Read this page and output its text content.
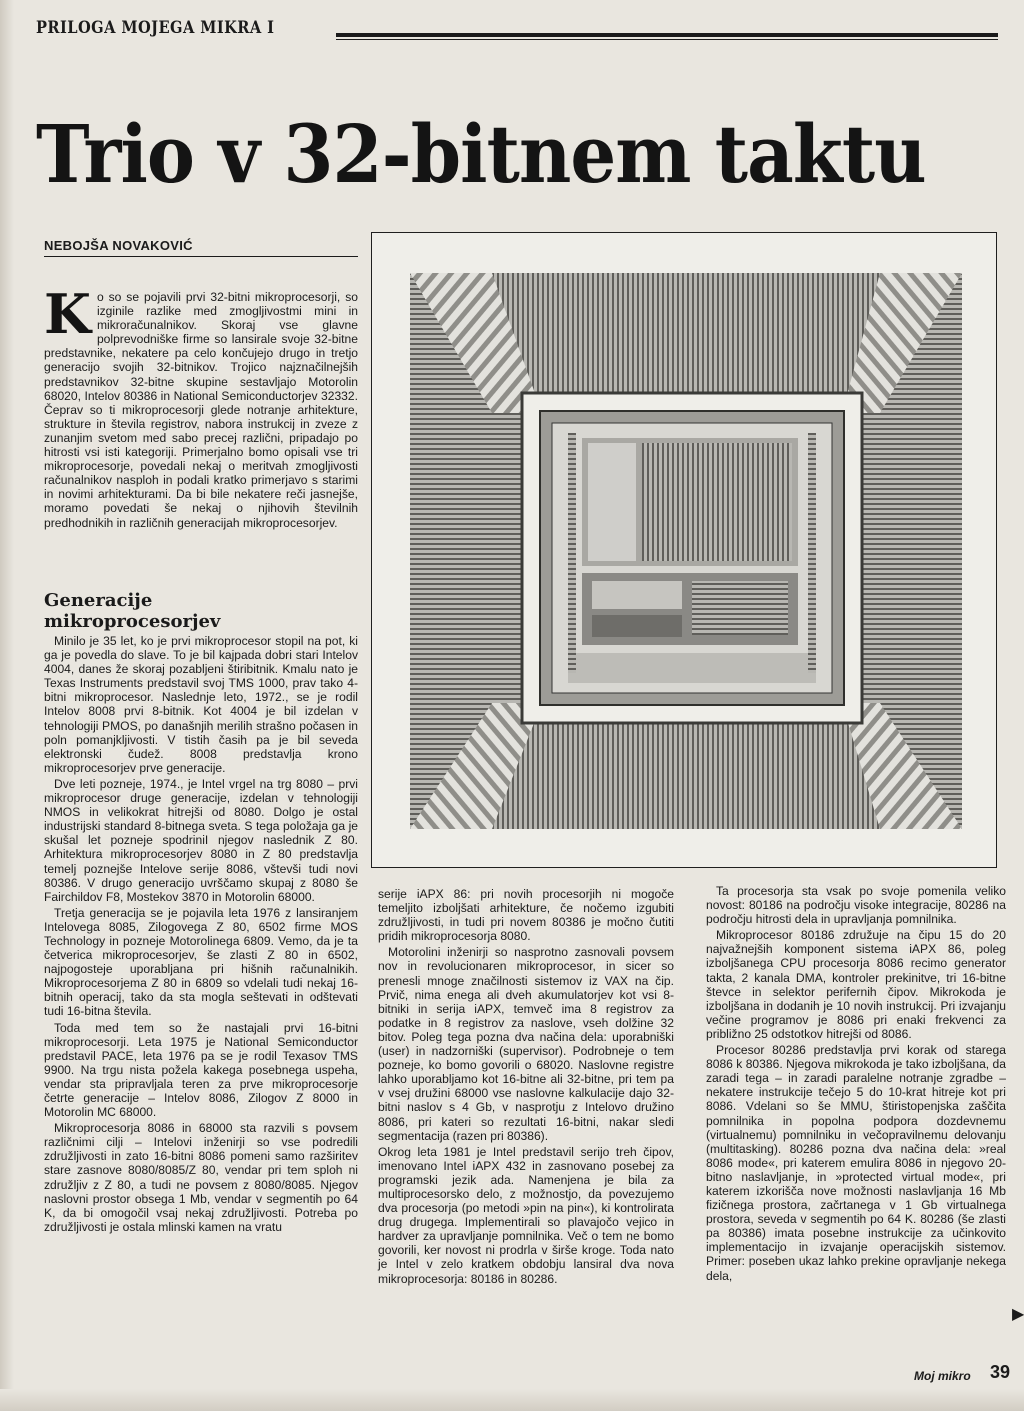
PRILOGA MOJEGA MIKRA I
Trio v 32-bitnem taktu
NEBOJŠA NOVAKOVIĆ
Ko so se pojavili prvi 32-bitni mikroprocesorji, so izginile razlike med zmogljivostmi mini in mikroračunalnikov. Skoraj vse glavne polprevodniške firme so lansirale svoje 32-bitne predstavnike, nekatere pa celo končujejo drugo in tretjo generacijo svojih 32-bitnikov. Trojico najznačilnejših predstavnikov 32-bitne skupine sestavljajo Motorolin 68020, Intelov 80386 in National Semiconductorjev 32332. Čeprav so ti mikroprocesorji glede notranje arhitekture, strukture in števila registrov, nabora instrukcij in zveze z zunanjim svetom med sabo precej različni, pripadajo po hitrosti vsi isti kategoriji. Primerjalno bomo opisali vse tri mikroprocesorje, povedali nekaj o meritvah zmogljivosti računalnikov nasploh in podali kratko primerjavo s starimi in novimi arhitekturami. Da bi bile nekatere reči jasnejše, moramo povedati še nekaj o njihovih številnih predhodnikih in različnih generacijah mikroprocesorjev.
Generacije
mikroprocesorjev

Minilo je 35 let, ko je prvi mikroprocesor stopil na pot, ki ga je povedla do slave. To je bil kajpada dobri stari Intelov 4004, danes že skoraj pozabljeni štiribitnik. Kmalu nato je Texas Instruments predstavil svoj TMS 1000, prav tako 4-bitni mikroprocesor. Naslednje leto, 1972., se je rodil Intelov 8008 prvi 8-bitnik. Kot 4004 je bil izdelan v tehnologiji PMOS, po današnjih merilih strašno počasen in poln pomanjkljivosti. V tistih časih pa je bil seveda elektronski čudež. 8008 predstavlja krono mikroprocesorjev prve generacije.

Dve leti pozneje, 1974., je Intel vrgel na trg 8080 – prvi mikroprocesor druge generacije, izdelan v tehnologiji NMOS in velikokrat hitrejši od 8080. Dolgo je ostal industrijski standard 8-bitnega sveta. S tega položaja ga je skušal let pozneje spodriniI njegov naslednik Z 80. Arhitektura mikroprocesorjev 8080 in Z 80 predstavlja temelj poznejše Intelove serije 8086, vštevši tudi novi 80386. V drugo generacijo uvrščamo skupaj z 8080 še Fairchildov F8, Mostekov 3870 in Motorolin 68000.

Tretja generacija se je pojavila leta 1976 z lansiranjem Intelovega 8085, Zilogovega Z 80, 6502 firme MOS Technology in pozneje Motorolinega 6809. Vemo, da je ta četverica mikroprocesorjev, še zlasti Z 80 in 6502, najpogosteje uporabljana pri hišnih računalnikih. Mikroprocesorjema Z 80 in 6809 so vdelali tudi nekaj 16-bitnih operacij, tako da sta mogla seštevati in odštevati tudi 16-bitna števila.

Toda med tem so že nastajali prvi 16-bitni mikroprocesorji. Leta 1975 je National Semiconductor predstavil PACE, leta 1976 pa se je rodil Texasov TMS 9900. Na trgu nista požela kakega posebnega uspeha, vendar sta pripravljala teren za prve mikroprocesorje četrte generacije – Intelov 8086, Zilogov Z 8000 in Motorolin MC 68000.

Mikroprocesorja 8086 in 68000 sta razvili s povsem različnimi cilji – Intelovi inženirji so vse podredili združljivosti in zato 16-bitni 8086 pomeni samo razširitev stare zasnove 8080/8085/Z 80, vendar pri tem sploh ni združljiv z Z 80, a tudi ne povsem z 8080/8085. Njegov naslovni prostor obsega 1 Mb, vendar v segmentih po 64 K, da bi omogočil vsaj nekaj združljivosti. Potreba po združljivosti je ostala mlinski kamen na vratu

serije iAPX 86: pri novih procesorjih ni mogoče temeljito izboljšati arhitekture, če nočemo izgubiti združljivosti, in tudi pri novem 80386 je močno čutiti pridih mikroprocesorja 8080.

Motorolini inženirji so nasprotno zasnovali povsem nov in revolucionaren mikroprocesor, in sicer so prenesli mnoge značilnosti sistemov iz VAX na čip. Prvič, nima enega ali dveh akumulatorjev kot vsi 8-bitniki in serija iAPX, temveč ima 8 registrov za podatke in 8 registrov za naslove, vseh dolžine 32 bitov. Poleg tega pozna dva načina dela: uporabniški (user) in nadzorniški (supervisor). Podrobneje o tem pozneje, ko bomo govorili o 68020. Naslovne registre lahko uporabljamo kot 16-bitne ali 32-bitne, pri tem pa v vsej družini 68000 vse naslovne kalkulacije dajo 32-bitni naslov s 4 Gb, v nasprotju z Intelovo družino 8086, pri kateri so rezultati 16-bitni, nakar sledi segmentacija (razen pri 80386).

Okrog leta 1981 je Intel predstavil serijo treh čipov, imenovano Intel iAPX 432 in zasnovano posebej za programski jezik ada. Namenjena je bila za multiprocesorsko delo, z možnostjo, da povezujemo dva procesorja (po metodi »pin na pin«), ki kontrolirata drug drugega. Implementirali so plavajočo vejico in hardver za upravljanje pomnilnika. Več o tem ne bomo govorili, ker novost ni prodrla v širše kroge. Toda nato je Intel v zelo kratkem obdobju lansiral dva nova mikroprocesorja: 80186 in 80286.

Ta procesorja sta vsak po svoje pomenila veliko novost: 80186 na področju visoke integracije, 80286 na področju hitrosti dela in upravljanja pomnilnika.

Mikroprocesor 80186 združuje na čipu 15 do 20 najvažnejših komponent sistema iAPX 86, poleg izboljšanega CPU procesorja 8086 recimo generator takta, 2 kanala DMA, kontroler prekinitve, tri 16-bitne števce in selektor perifernih čipov. Mikrokoda je izboljšana in dodanih je 10 novih instrukcij. Pri izvajanju večine programov je 8086 pri enaki frekvenci za približno 25 odstotkov hitrejši od 8086.

Procesor 80286 predstavlja prvi korak od starega 8086 k 80386. Njegova mikrokoda je tako izboljšana, da zaradi tega – in zaradi paralelne notranje zgradbe – nekatere instrukcije tečejo 5 do 10-krat hitreje kot pri 8086. Vdelani so še MMU, štiristopenjska zaščita pomnilnika in popolna podpora dozdevnemu (virtualnemu) pomnilniku in večopravilnemu delovanju (multitasking). 80286 pozna dva načina dela: »real 8086 mode«, pri katerem emulira 8086 in njegovo 20-bitno naslavljanje, in »protected virtual mode«, pri katerem izkorišča nove možnosti naslavljanja 16 Mb fizičnega prostora, začrtanega v 1 Gb virtualnega prostora, seveda v segmentih po 64 K. 80286 (še zlasti pa 80386) imata posebne instrukcije za učinkovito implementacijo in izvajanje operacijskih sistemov. Primer: poseben ukaz lahko prekine opravljanje nekega dela,

▶
Moj mikro 39
